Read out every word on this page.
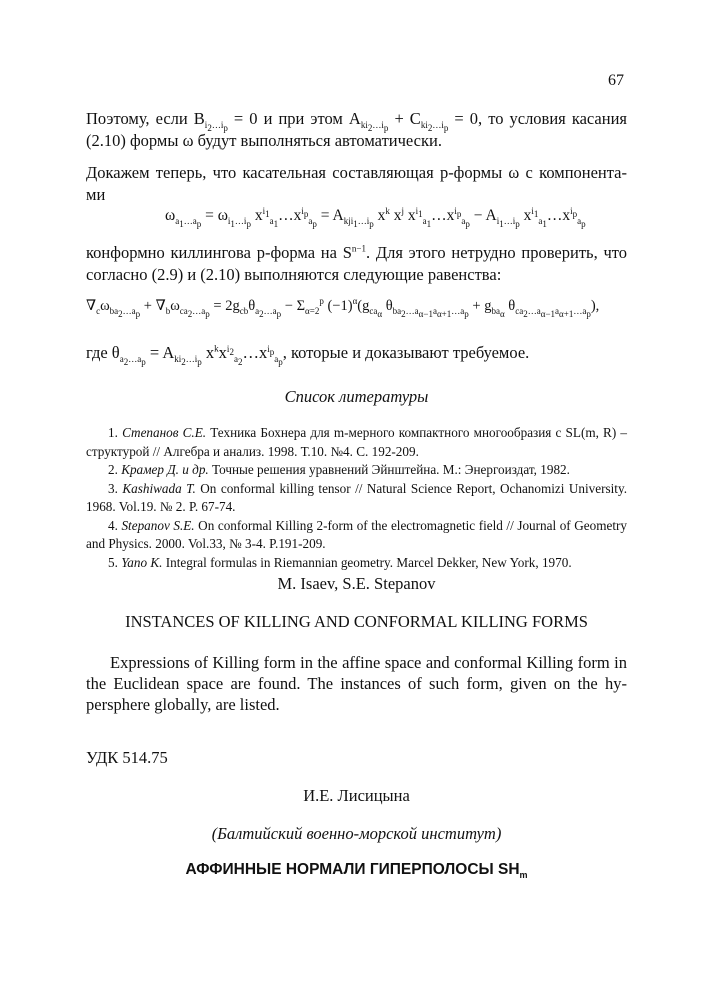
67
Поэтому, если $B_{i_2\dots i_p} = 0$ и при этом $A_{ki_2\dots i_p} + C_{ki_2\dots i_p} = 0$, то условия касания (2.10) формы ω будут выполняться автоматически.
Докажем теперь, что касательная составляющая p-формы ω с компонента-ми
$\omega_{a_1\dots a_p} = \omega_{i_1\dots i_p}$ $x^{i_1}_{a_1}\dots x^{i_p}_{a_p} = A_{kji_1\dots i_p}$ $x^k$ $x^j$ $x^{i_1}_{a_1}\dots x^{i_p}_{a_p} - A_{i_1\dots i_p}$ $x^{i_1}_{a_1}\dots x^{i_p}_{a_p}$
конформно киллингова p-форма на $S^{n-1}$. Для этого нетрудно проверить, что согласно (2.9) и (2.10) выполняются следующие равенства:
$\nabla_c\omega_{ba_2\dots a_p} + \nabla_b\omega_{ca_2\dots a_p} = 2g_{cb}\theta_{a_2\dots a_p} - \Sigma_{\alpha=2}^p$ $(-1)^\alpha(g_{ca_\alpha}$ $\theta_{ba_2\dots a_{\alpha-1}a_{\alpha+1}\dots a_p} + g_{ba_\alpha}$ $\theta_{ca_2\dots a_{\alpha-1}a_{\alpha+1}\dots a_p}$),
где $\theta_{a_2\dots a_p} = A_{ki_2\dots i_p}$ $x^kx^{i_2}_{a_2}\dots x^{i_p}_{a_p}$, которые и доказывают требуемое.
Список литературы

1. Степанов С.Е. Техника Бохнера для m-мерного компактного многообразия с SL(m, R) – структурой // Алгебра и анализ. 1998. Т.10. №4. С. 192-209.

2. Крамер Д. и др. Точные решения уравнений Эйнштейна. М.: Энергоиздат, 1982.

3. Kashiwada T. On conformal killing tensor // Natural Science Report, Ochanomizi University. 1968. Vol.19. № 2. P. 67-74.

4. Stepanov S.E. On conformal Killing 2-form of the electromagnetic field // Journal of Geometry and Physics. 2000. Vol.33, № 3-4. P.191-209.

5. Yano K. Integral formulas in Riemannian geometry. Marcel Dekker, New York, 1970.

M. Isaev, S.E. Stepanov
INSTANCES OF KILLING AND CONFORMAL KILLING FORMS

Expressions of Killing form in the affine space and conformal Killing form in the Euclidean space are found. The instances of such form, given on the hy-persphere globally, are listed.

УДК 514.75
И.Е. Лисицына
(Балтийский военно-морской институт)
АФФИННЫЕ НОРМАЛИ ГИПЕРПОЛОСЫ $SH_m$
